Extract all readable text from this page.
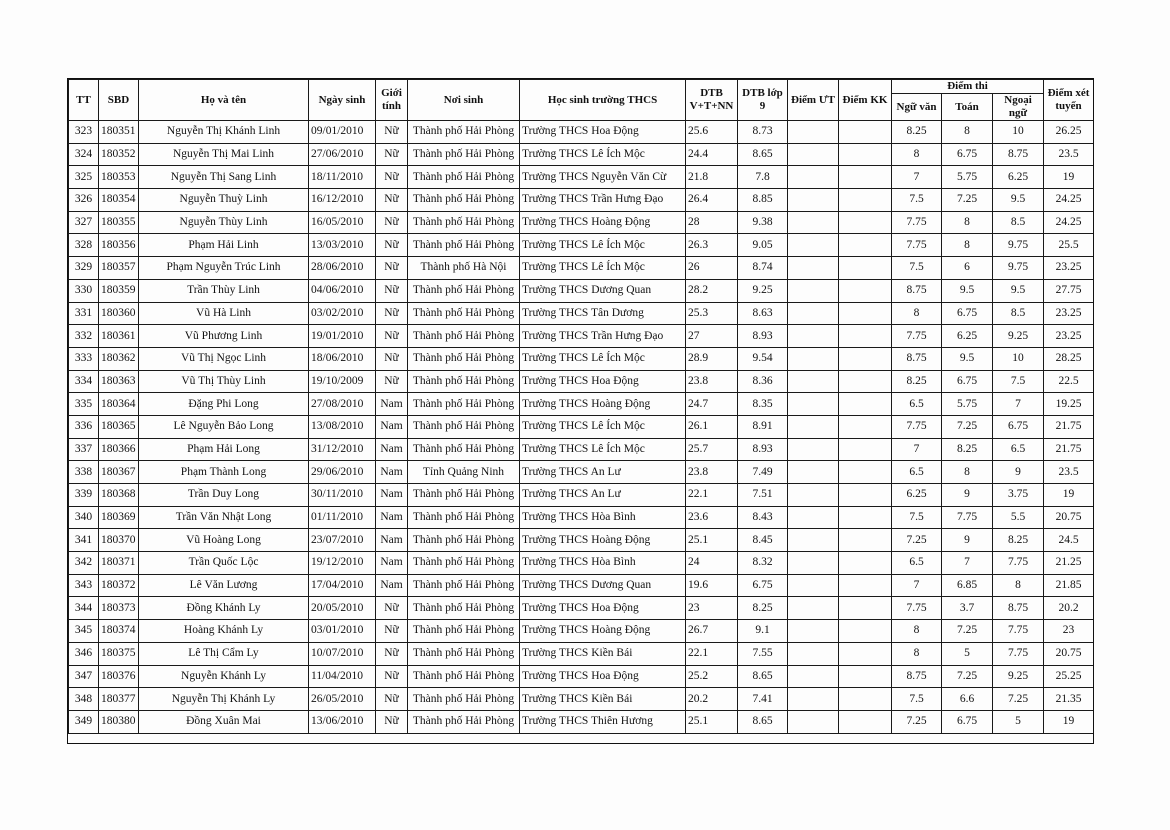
TT	SBD	Họ và tên	Ngày sinh	Giới tính	Nơi sinh	Học sinh trường THCS	DTB V+T+NN	DTB lớp 9	Điểm ƯT	Điểm KK	Điểm thi			Điểm xét tuyển
											Ngữ văn	Toán	Ngoại ngữ	
323	180351	Nguyễn Thị Khánh Linh	09/01/2010	Nữ	Thành phố Hải Phòng	Trường THCS Hoa Động	25.6	8.73			8.25	8	10	26.25
324	180352	Nguyễn Thị Mai Linh	27/06/2010	Nữ	Thành phố Hải Phòng	Trường THCS Lê Ích Mộc	24.4	8.65			8	6.75	8.75	23.5
325	180353	Nguyễn Thị Sang Linh	18/11/2010	Nữ	Thành phố Hải Phòng	Trường THCS Nguyễn Văn Cừ	21.8	7.8			7	5.75	6.25	19
326	180354	Nguyễn Thuỳ Linh	16/12/2010	Nữ	Thành phố Hải Phòng	Trường THCS Trần Hưng Đạo	26.4	8.85			7.5	7.25	9.5	24.25
327	180355	Nguyễn Thùy Linh	16/05/2010	Nữ	Thành phố Hải Phòng	Trường THCS Hoàng Động	28	9.38			7.75	8	8.5	24.25
328	180356	Phạm Hải Linh	13/03/2010	Nữ	Thành phố Hải Phòng	Trường THCS Lê Ích Mộc	26.3	9.05			7.75	8	9.75	25.5
329	180357	Phạm Nguyễn Trúc Linh	28/06/2010	Nữ	Thành phố Hà Nội	Trường THCS Lê Ích Mộc	26	8.74			7.5	6	9.75	23.25
330	180359	Trần Thùy Linh	04/06/2010	Nữ	Thành phố Hải Phòng	Trường THCS Dương Quan	28.2	9.25			8.75	9.5	9.5	27.75
331	180360	Vũ Hà Linh	03/02/2010	Nữ	Thành phố Hải Phòng	Trường THCS Tân Dương	25.3	8.63			8	6.75	8.5	23.25
332	180361	Vũ Phương Linh	19/01/2010	Nữ	Thành phố Hải Phòng	Trường THCS Trần Hưng Đạo	27	8.93			7.75	6.25	9.25	23.25
333	180362	Vũ Thị Ngọc Linh	18/06/2010	Nữ	Thành phố Hải Phòng	Trường THCS Lê Ích Mộc	28.9	9.54			8.75	9.5	10	28.25
334	180363	Vũ Thị Thùy Linh	19/10/2009	Nữ	Thành phố Hải Phòng	Trường THCS Hoa Động	23.8	8.36			8.25	6.75	7.5	22.5
335	180364	Đặng Phi Long	27/08/2010	Nam	Thành phố Hải Phòng	Trường THCS Hoàng Động	24.7	8.35			6.5	5.75	7	19.25
336	180365	Lê Nguyễn Bảo Long	13/08/2010	Nam	Thành phố Hải Phòng	Trường THCS Lê Ích Mộc	26.1	8.91			7.75	7.25	6.75	21.75
337	180366	Phạm Hải Long	31/12/2010	Nam	Thành phố Hải Phòng	Trường THCS Lê Ích Mộc	25.7	8.93			7	8.25	6.5	21.75
338	180367	Phạm Thành Long	29/06/2010	Nam	Tỉnh Quảng Ninh	Trường THCS An Lư	23.8	7.49			6.5	8	9	23.5
339	180368	Trần Duy Long	30/11/2010	Nam	Thành phố Hải Phòng	Trường THCS An Lư	22.1	7.51			6.25	9	3.75	19
340	180369	Trần Văn Nhật Long	01/11/2010	Nam	Thành phố Hải Phòng	Trường THCS Hòa Bình	23.6	8.43			7.5	7.75	5.5	20.75
341	180370	Vũ Hoàng Long	23/07/2010	Nam	Thành phố Hải Phòng	Trường THCS Hoàng Động	25.1	8.45			7.25	9	8.25	24.5
342	180371	Trần Quốc Lộc	19/12/2010	Nam	Thành phố Hải Phòng	Trường THCS Hòa Bình	24	8.32			6.5	7	7.75	21.25
343	180372	Lê Văn Lương	17/04/2010	Nam	Thành phố Hải Phòng	Trường THCS Dương Quan	19.6	6.75			7	6.85	8	21.85
344	180373	Đồng Khánh Ly	20/05/2010	Nữ	Thành phố Hải Phòng	Trường THCS Hoa Động	23	8.25			7.75	3.7	8.75	20.2
345	180374	Hoàng Khánh Ly	03/01/2010	Nữ	Thành phố Hải Phòng	Trường THCS Hoàng Động	26.7	9.1			8	7.25	7.75	23
346	180375	Lê Thị Cẩm Ly	10/07/2010	Nữ	Thành phố Hải Phòng	Trường THCS Kiền Bái	22.1	7.55			8	5	7.75	20.75
347	180376	Nguyễn Khánh Ly	11/04/2010	Nữ	Thành phố Hải Phòng	Trường THCS Hoa Động	25.2	8.65			8.75	7.25	9.25	25.25
348	180377	Nguyễn Thị Khánh Ly	26/05/2010	Nữ	Thành phố Hải Phòng	Trường THCS Kiền Bái	20.2	7.41			7.5	6.6	7.25	21.35
349	180380	Đồng Xuân Mai	13/06/2010	Nữ	Thành phố Hải Phòng	Trường THCS Thiên Hương	25.1	8.65			7.25	6.75	5	19
